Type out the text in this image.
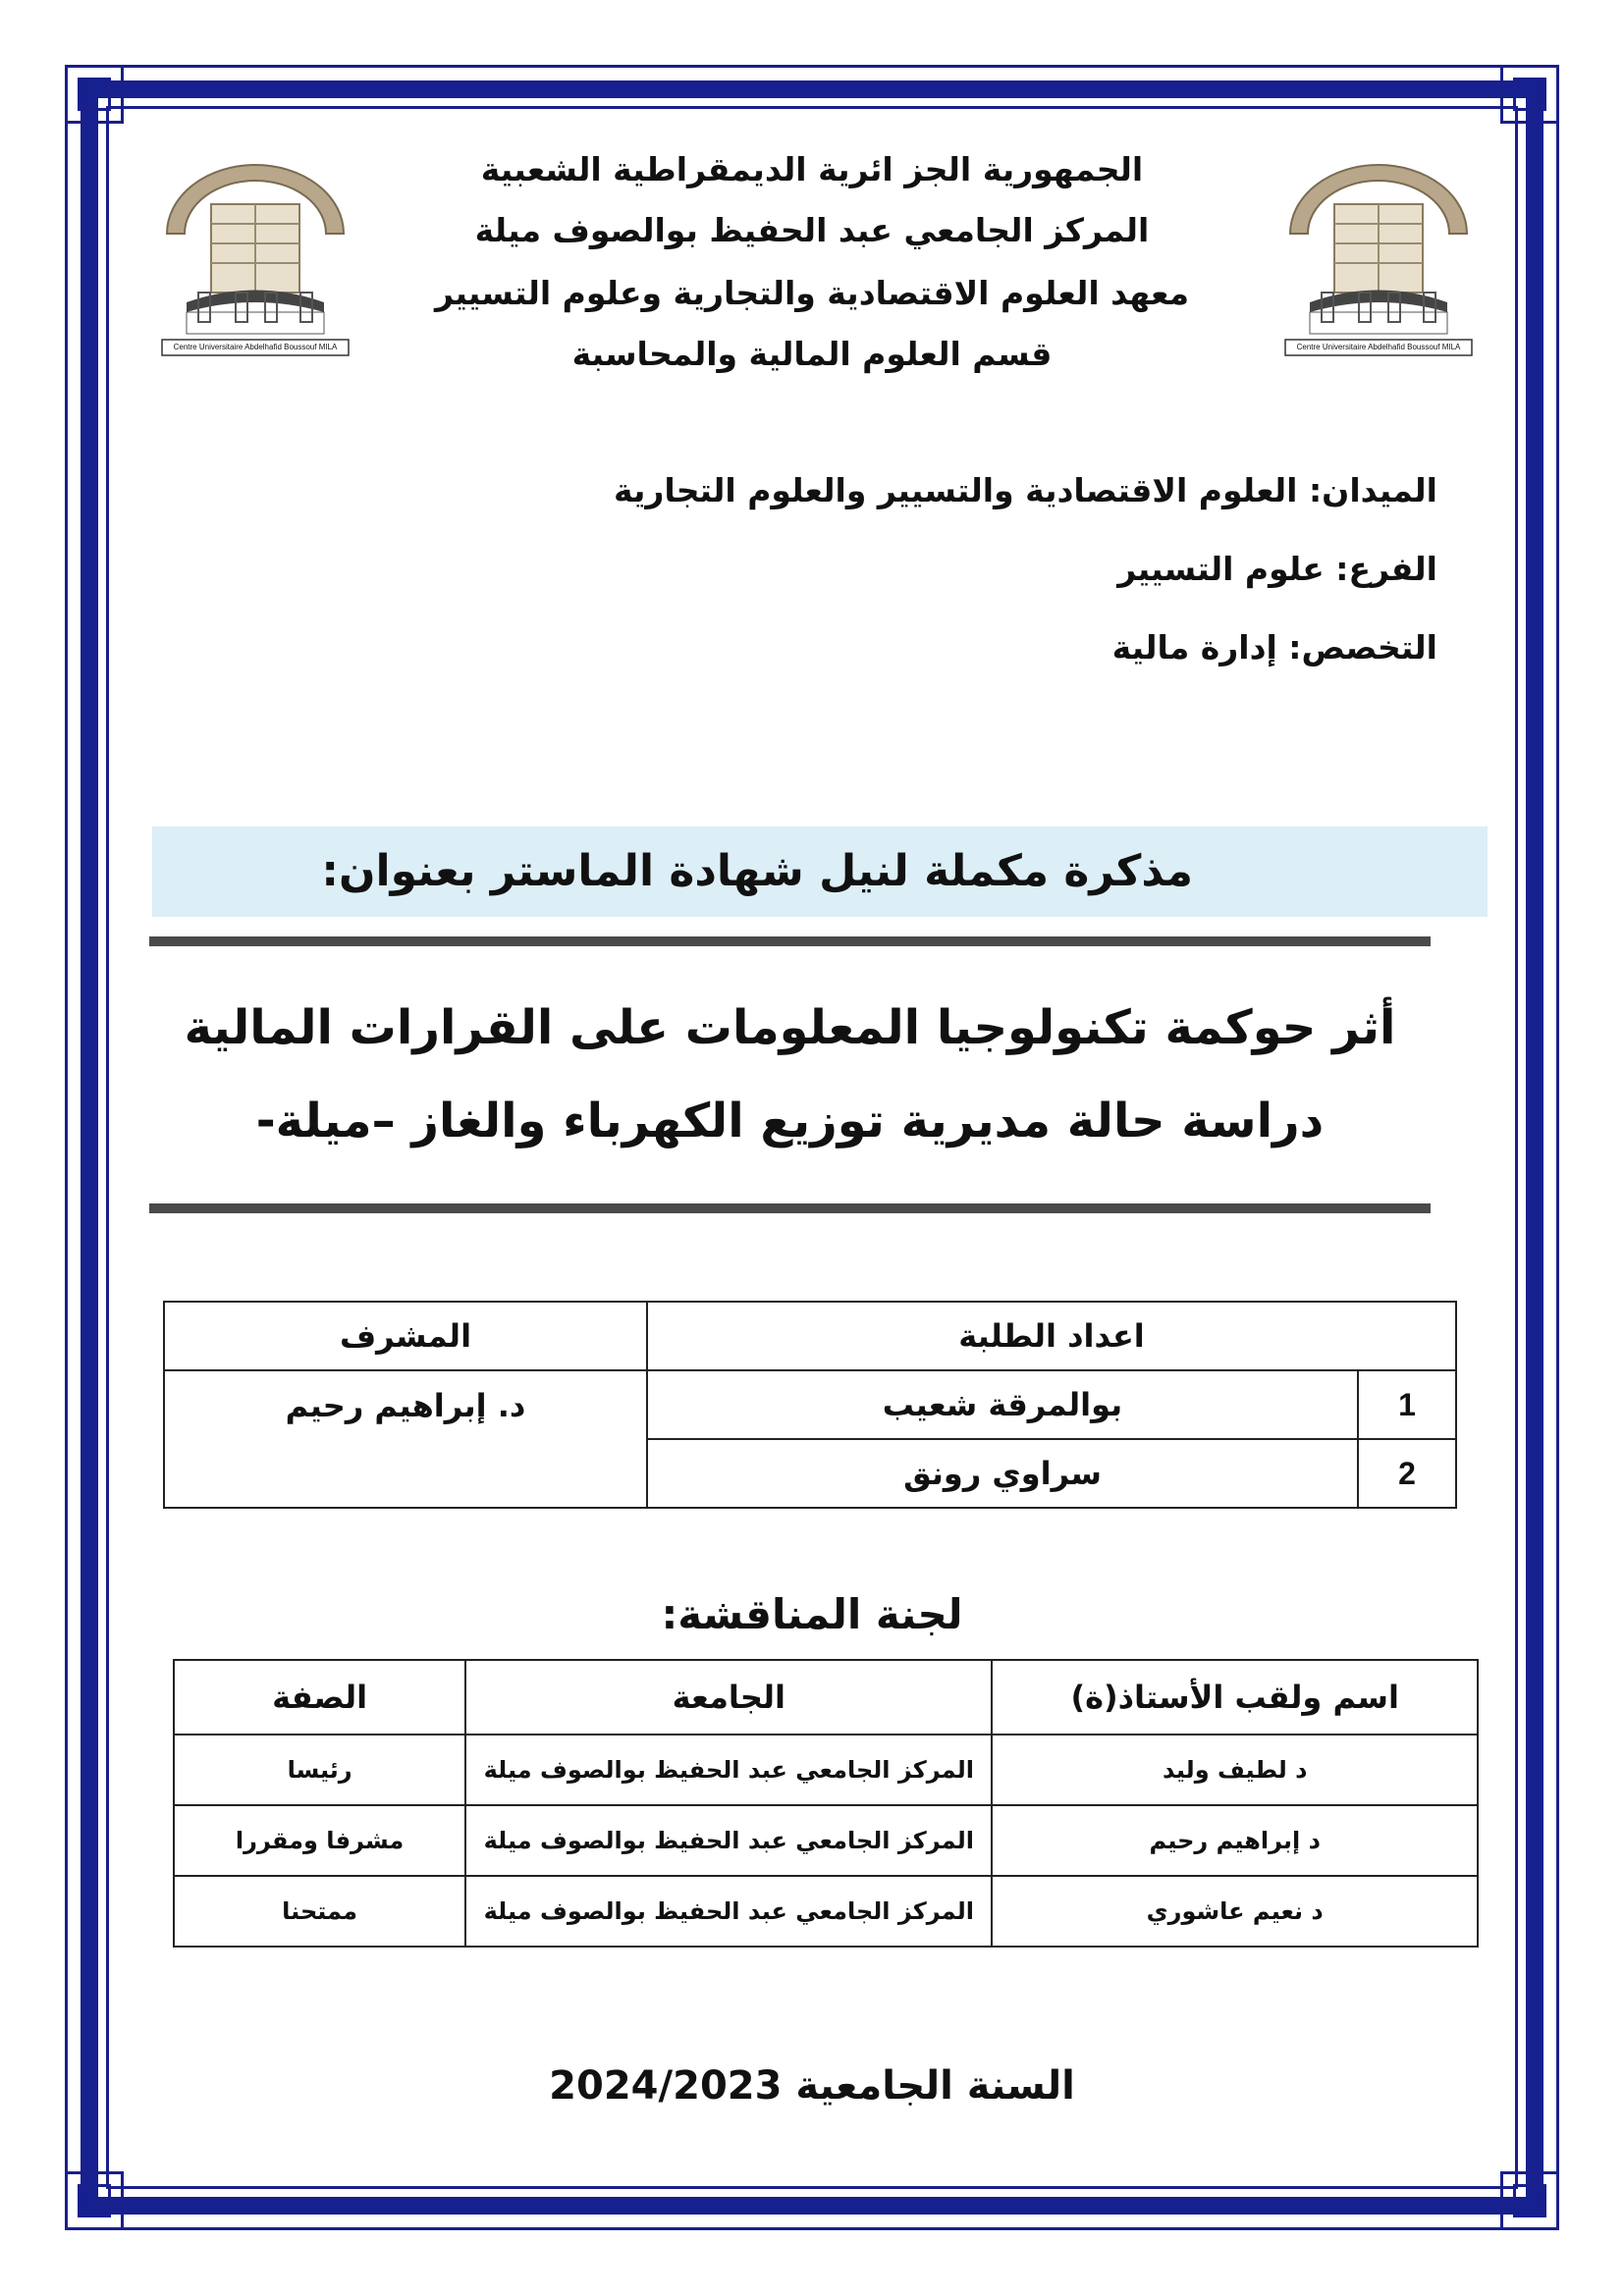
Centre Universitaire Abdelhafid Boussouf MILA	Centre Universitaire Abdelhafid Boussouf MILA
الجمهورية الجز ائرية الديمقراطية الشعبية
المركز الجامعي عبد الحفيظ بوالصوف ميلة
معهد العلوم الاقتصادية والتجارية وعلوم التسيير
قسم العلوم المالية والمحاسبة
الميدان: العلوم الاقتصادية والتسيير والعلوم التجارية
الفرع: علوم التسيير
التخصص: إدارة مالية
مذكرة مكملة لنيل شهادة الماستر بعنوان:
أثر حوكمة تكنولوجيا المعلومات على القرارات المالية
دراسة حالة مديرية توزيع الكهرباء والغاز –ميلة-
اعداد الطلبة		المشرف
1	بوالمرقة شعيب	د. إبراهيم رحيم
2	سراوي رونق	
لجنة المناقشة:
اسم ولقب الأستاذ(ة)	الجامعة	الصفة
د لطيف وليد	المركز الجامعي عبد الحفيظ بوالصوف ميلة	رئيسا
د إبراهيم رحيم	المركز الجامعي عبد الحفيظ بوالصوف ميلة	مشرفا ومقررا
د نعيم عاشوري	المركز الجامعي عبد الحفيظ بوالصوف ميلة	ممتحنا
السنة الجامعية 2024/2023
